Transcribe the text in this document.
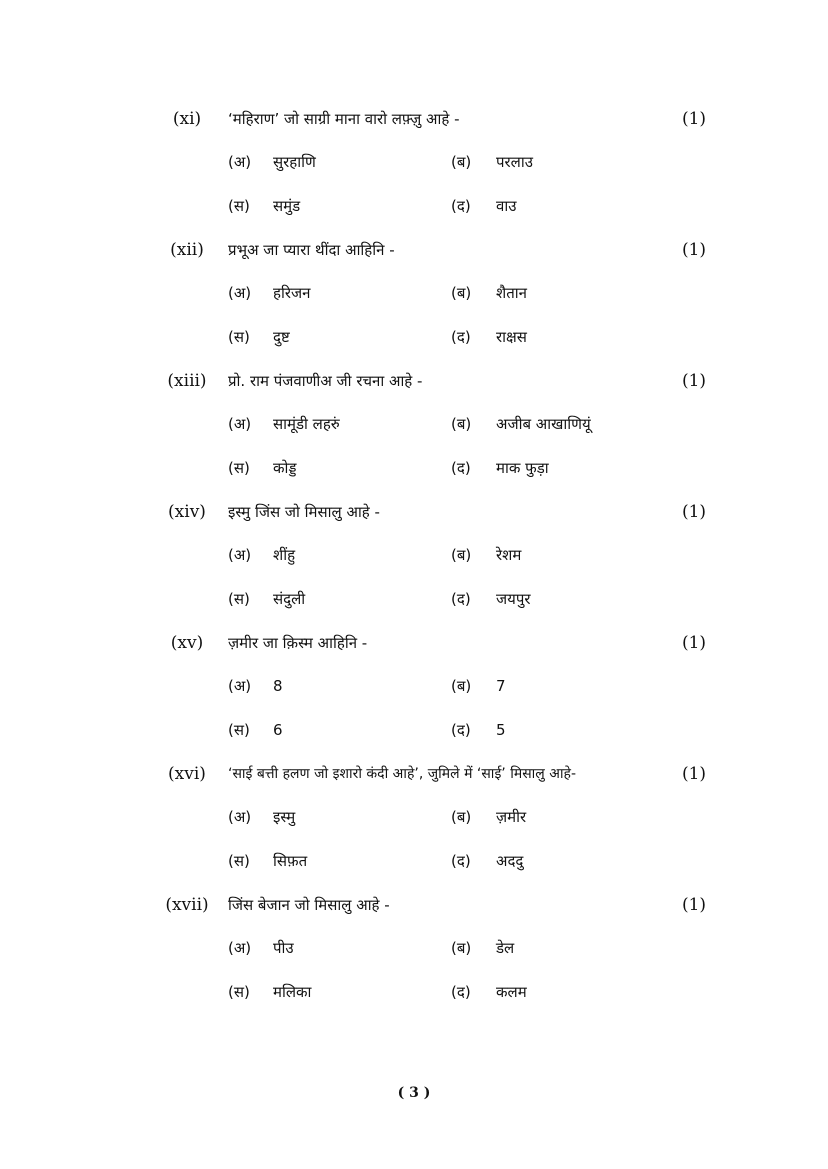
(xi)	‘महिराण’ जो साग्री माना वारो लफ़्ज़ु आहे -	(1)
(अ)	सुरहाणि	(ब)	परलाउ
(स)	समुंड	(द)	वाउ
(xii)	प्रभूअ जा प्यारा थींदा आहिनि -	(1)
(अ)	हरिजन	(ब)	शैतान
(स)	दुष्ट	(द)	राक्षस
(xiii)	प्रो. राम पंजवाणीअ जी रचना आहे -	(1)
(अ)	सामूंडी लहरुं	(ब)	अजीब आखाणियूं
(स)	कोड्ड	(द)	माक फुड़ा
(xiv)	इस्मु जिंस जो मिसालु आहे -	(1)
(अ)	शींहु	(ब)	रेशम
(स)	संदुली	(द)	जयपुर
(xv)	ज़मीर जा क़िस्म आहिनि -	(1)
(अ)	8	(ब)	7
(स)	6	(द)	5
(xvi)	‘साई बत्ती हलण जो इशारो कंदी आहे’, जुमिले में ‘साई’ मिसालु आहे-	(1)
(अ)	इस्मु	(ब)	ज़मीर
(स)	सिफ़त	(द)	अददु
(xvii)	जिंस बेजान जो मिसालु आहे -	(1)
(अ)	पीउ	(ब)	डेल
(स)	मलिका	(द)	कलम
( 3 )
